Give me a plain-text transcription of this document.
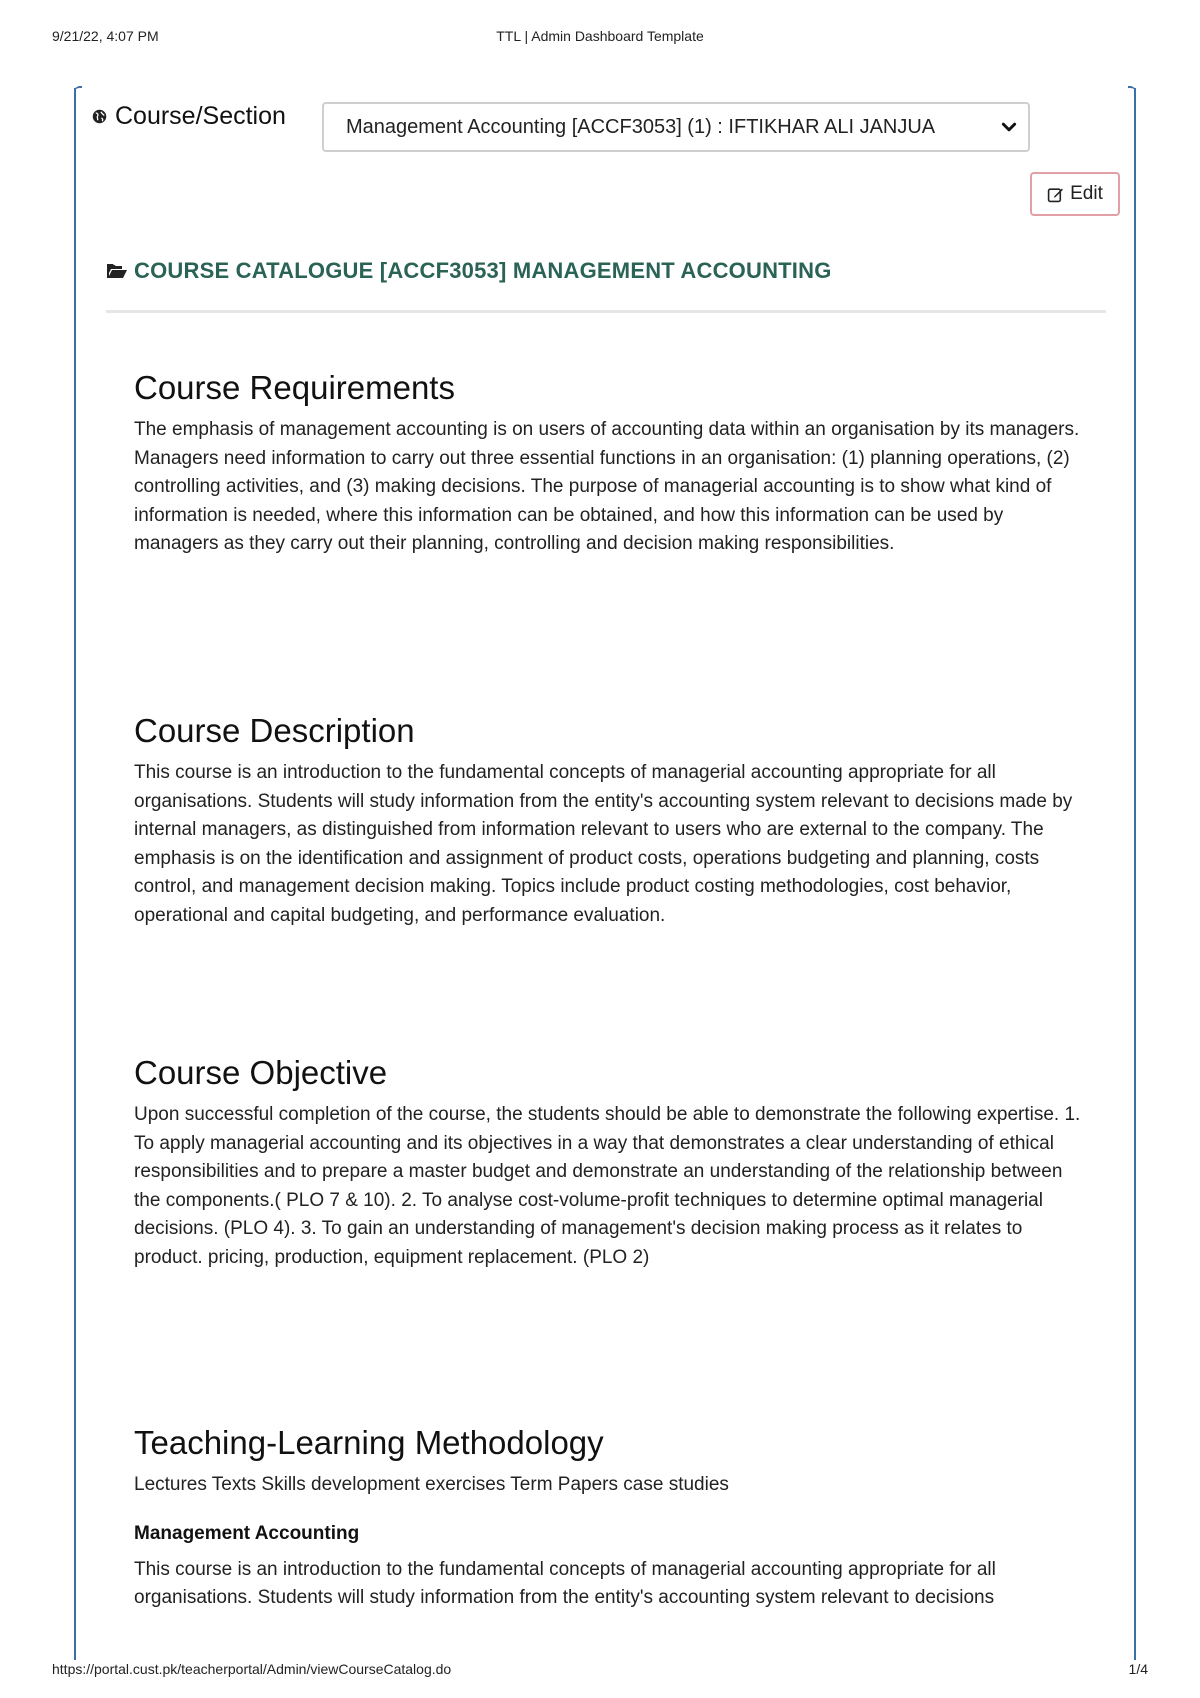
9/21/22, 4:07 PM	TTL | Admin Dashboard Template
Course/Section	Management Accounting [ACCF3053] (1) : IFTIKHAR ALI JANJUA
Edit
COURSE CATALOGUE [ACCF3053] MANAGEMENT ACCOUNTING
Course Requirements

The emphasis of management accounting is on users of accounting data within an organisation by its managers. Managers need information to carry out three essential functions in an organisation: (1) planning operations, (2) controlling activities, and (3) making decisions. The purpose of managerial accounting is to show what kind of information is needed, where this information can be obtained, and how this information can be used by managers as they carry out their planning, controlling and decision making responsibilities.

Course Description

This course is an introduction to the fundamental concepts of managerial accounting appropriate for all organisations. Students will study information from the entity's accounting system relevant to decisions made by internal managers, as distinguished from information relevant to users who are external to the company. The emphasis is on the identification and assignment of product costs, operations budgeting and planning, costs control, and management decision making. Topics include product costing methodologies, cost behavior, operational and capital budgeting, and performance evaluation.

Course Objective

Upon successful completion of the course, the students should be able to demonstrate the following expertise. 1. To apply managerial accounting and its objectives in a way that demonstrates a clear understanding of ethical responsibilities and to prepare a master budget and demonstrate an understanding of the relationship between the components.( PLO 7 & 10). 2. To analyse cost-volume-profit techniques to determine optimal managerial decisions. (PLO 4). 3. To gain an understanding of management's decision making process as it relates to product. pricing, production, equipment replacement. (PLO 2)

Teaching-Learning Methodology

Lectures Texts Skills development exercises Term Papers case studies

Management Accounting

This course is an introduction to the fundamental concepts of managerial accounting appropriate for all organisations. Students will study information from the entity's accounting system relevant to decisions

https://portal.cust.pk/teacherportal/Admin/viewCourseCatalog.do	1/4
